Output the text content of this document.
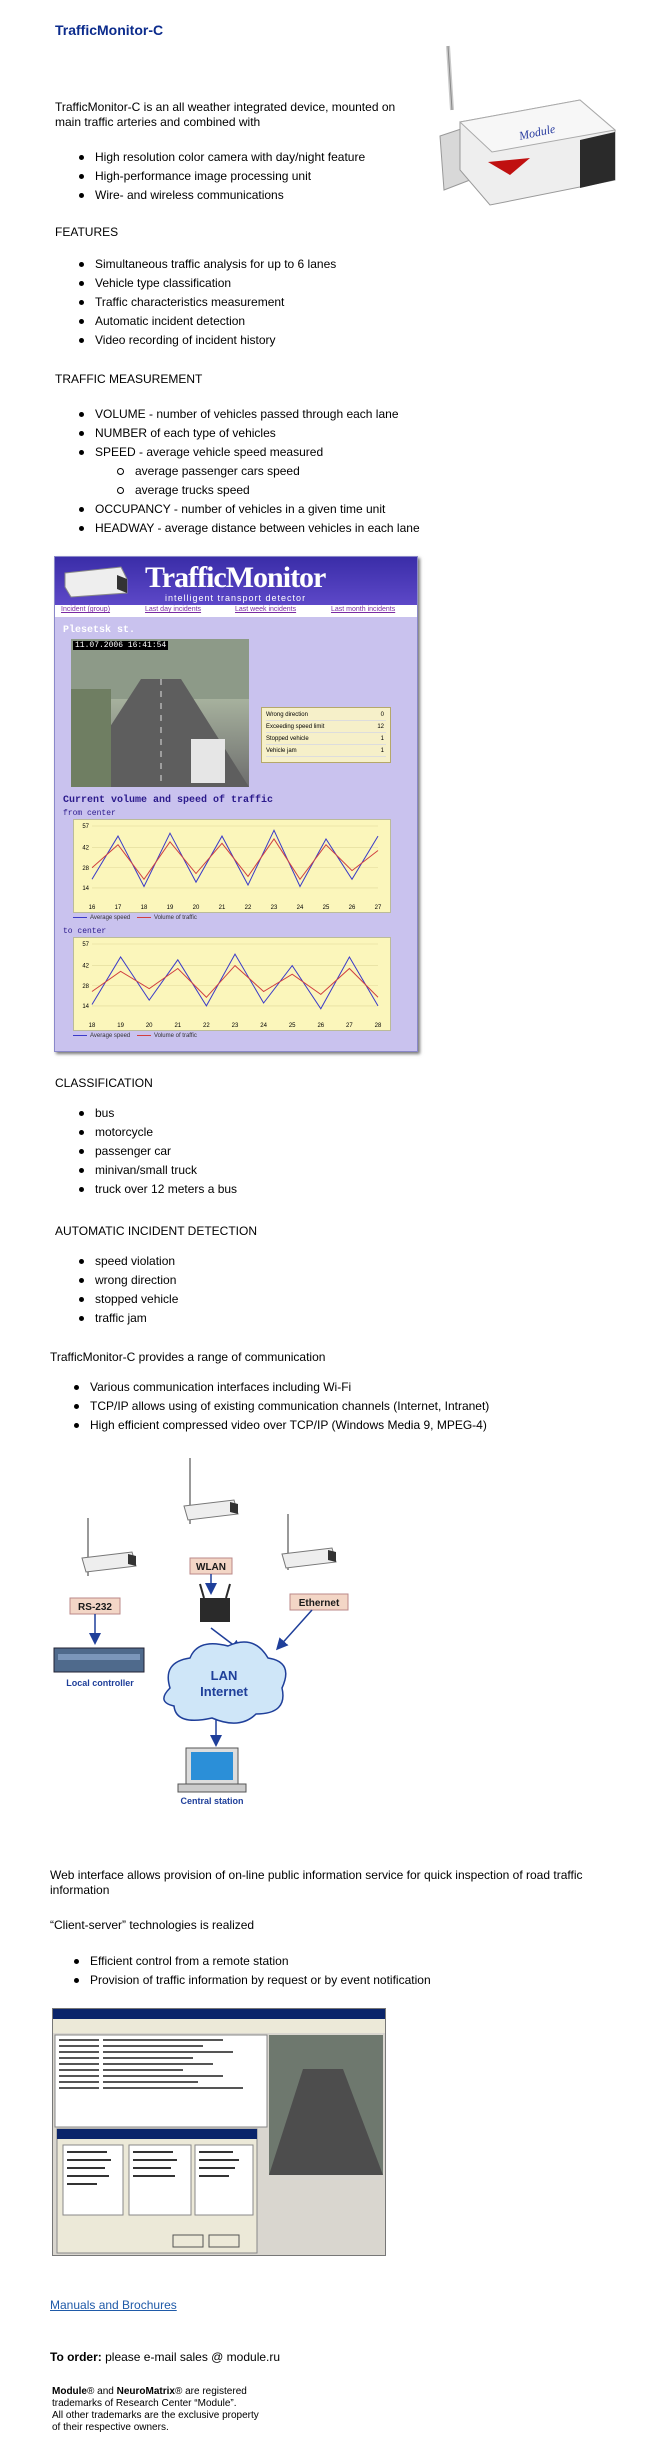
TrafficMonitor-C
Module

TrafficMonitor-C is an all weather integrated device, mounted on main traffic arteries and combined with

High resolution color camera with day/night feature
High-performance image processing unit
Wire- and wireless communications

FEATURES

Simultaneous traffic analysis for up to 6 lanes
Vehicle type classification
Traffic characteristics measurement
Automatic incident detection
Video recording of incident history

TRAFFIC MEASUREMENT

VOLUME - number of vehicles passed through each lane
NUMBER of each type of vehicles
SPEED - average vehicle speed measured
average passenger cars speed
average trucks speed
OCCUPANCY - number of vehicles in a given time unit
HEADWAY - average distance between vehicles in each lane
TrafficMonitor
intelligent transport detector
Incident (group)	Last day incidents	Last week incidents	Last month incidents
Plesetsk st.
11.07.2006 16:41:54
Wrong direction	0
Exceeding speed limit	12
Stopped vehicle	1
Vehicle jam	1
Current volume and speed of traffic
from center
57
42
28
14
16	17	18	19	20	21	22	23	24	25	26	27
Average speed	Volume of traffic
to center
57
42
28
14
18	19	20	21	22	23	24	25	26	27	28
Average speed	Volume of traffic

CLASSIFICATION

bus
motorcycle
passenger car
minivan/small truck
truck over 12 meters a bus

AUTOMATIC INCIDENT DETECTION

speed violation
wrong direction
stopped vehicle
traffic jam

TrafficMonitor-C provides a range of communication

Various communication interfaces including Wi-Fi
TCP/IP allows using of existing communication channels (Internet, Intranet)
High efficient compressed video over TCP/IP (Windows Media 9, MPEG-4)
RS-232
WLAN
Ethernet
Local controller	LAN
Internet
Central station

Web interface allows provision of on-line public information service for quick inspection of road traffic information

“Client-server” technologies is realized

Efficient control from a remote station
Provision of traffic information by request or by event notification
Manuals and Brochures

To order: please e-mail sales @ module.ru

Module® and NeuroMatrix® are registered
trademarks of Research Center “Module”.
All other trademarks are the exclusive property
of their respective owners.
